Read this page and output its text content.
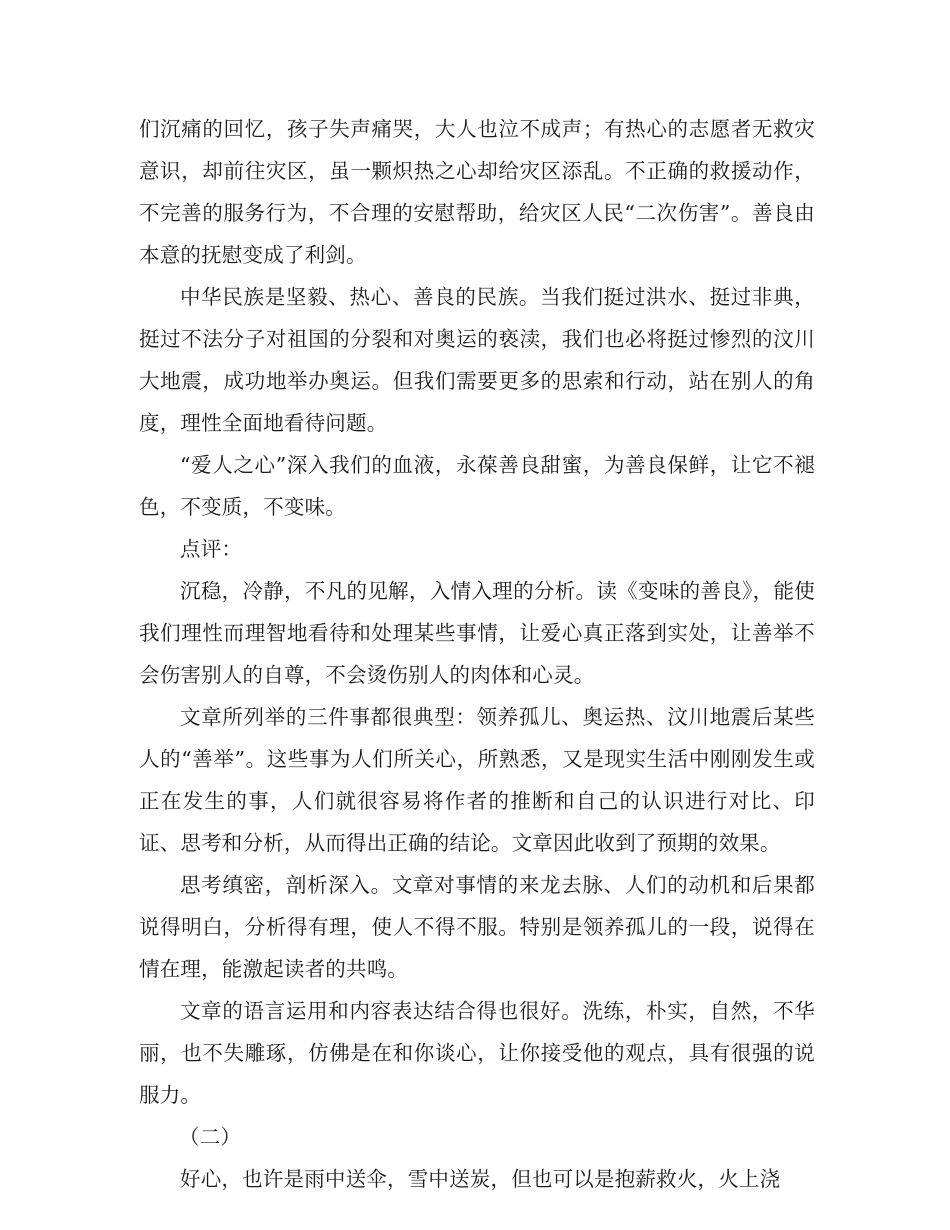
们沉痛的回忆，孩子失声痛哭，大人也泣不成声；有热心的志愿者无救灾意识，却前往灾区，虽一颗炽热之心却给灾区添乱。不正确的救援动作，不完善的服务行为，不合理的安慰帮助，给灾区人民“二次伤害”。善良由本意的抚慰变成了利剑。

中华民族是坚毅、热心、善良的民族。当我们挺过洪水、挺过非典，挺过不法分子对祖国的分裂和对奥运的亵渎，我们也必将挺过惨烈的汶川大地震，成功地举办奥运。但我们需要更多的思索和行动，站在别人的角度，理性全面地看待问题。

“爱人之心”深入我们的血液，永葆善良甜蜜，为善良保鲜，让它不褪色，不变质，不变味。

点评：

沉稳，冷静，不凡的见解，入情入理的分析。读《变味的善良》，能使我们理性而理智地看待和处理某些事情，让爱心真正落到实处，让善举不会伤害别人的自尊，不会烫伤别人的肉体和心灵。

文章所列举的三件事都很典型：领养孤儿、奥运热、汶川地震后某些人的“善举”。这些事为人们所关心，所熟悉，又是现实生活中刚刚发生或正在发生的事，人们就很容易将作者的推断和自己的认识进行对比、印证、思考和分析，从而得出正确的结论。文章因此收到了预期的效果。

思考缜密，剖析深入。文章对事情的来龙去脉、人们的动机和后果都说得明白，分析得有理，使人不得不服。特别是领养孤儿的一段，说得在情在理，能激起读者的共鸣。

文章的语言运用和内容表达结合得也很好。洗练，朴实，自然，不华丽，也不失雕琢，仿佛是在和你谈心，让你接受他的观点，具有很强的说服力。

（二）

好心，也许是雨中送伞，雪中送炭，但也可以是抱薪救火，火上浇
